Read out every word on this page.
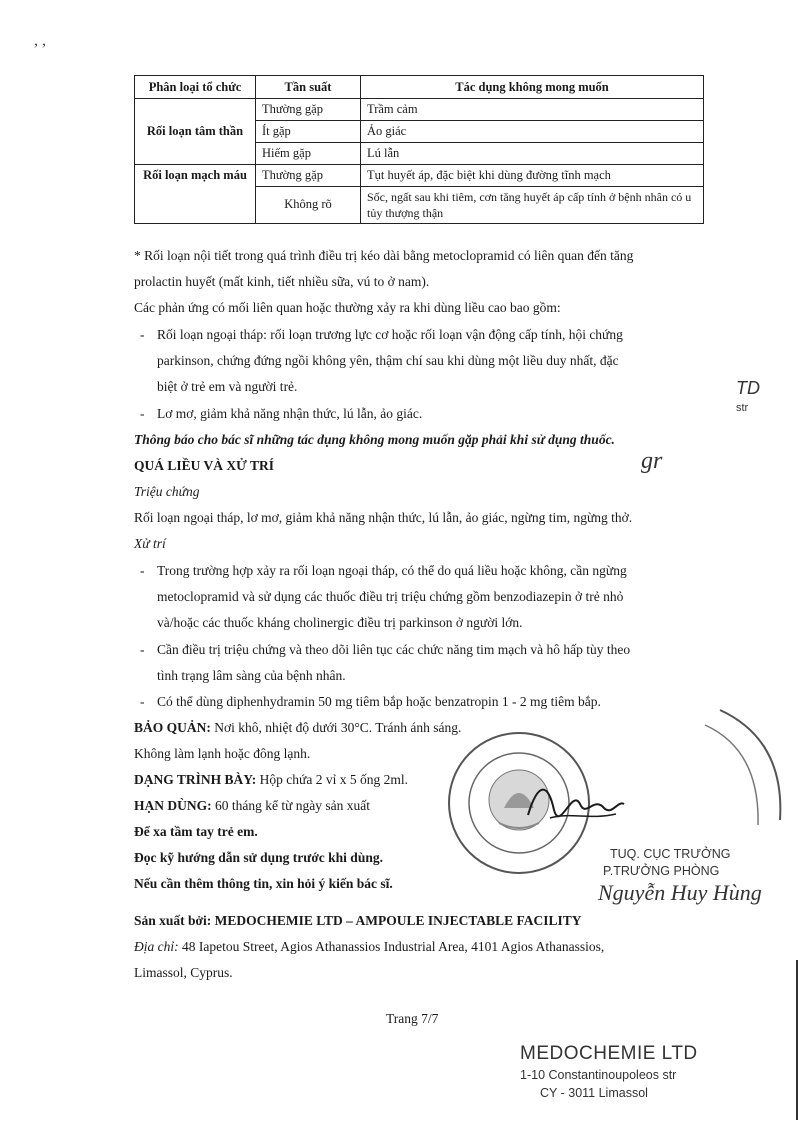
, ,
Phân loại tổ chức	Tần suất	Tác dụng không mong muốn
Rối loạn tâm thần	Thường gặp	Trầm cảm
	Ít gặp	Ảo giác
	Hiếm gặp	Lú lẫn
Rối loạn mạch máu	Thường gặp	Tụt huyết áp, đặc biệt khi dùng đường tĩnh mạch
	Không rõ	Sốc, ngất sau khi tiêm, cơn tăng huyết áp cấp tính ở bệnh nhân có u tủy thượng thận
* Rối loạn nội tiết trong quá trình điều trị kéo dài bằng metoclopramid có liên quan đến tăng
prolactin huyết (mất kinh, tiết nhiều sữa, vú to ở nam).
Các phản ứng có mối liên quan hoặc thường xảy ra khi dùng liều cao bao gồm:
- Rối loạn ngoại tháp: rối loạn trương lực cơ hoặc rối loạn vận động cấp tính, hội chứng
parkinson, chứng đứng ngồi không yên, thậm chí sau khi dùng một liều duy nhất, đặc
biệt ở trẻ em và người trẻ.
- Lơ mơ, giảm khả năng nhận thức, lú lẫn, ảo giác.
Thông báo cho bác sĩ những tác dụng không mong muốn gặp phải khi sử dụng thuốc.
QUÁ LIỀU VÀ XỬ TRÍ
Triệu chứng
Rối loạn ngoại tháp, lơ mơ, giảm khả năng nhận thức, lú lẫn, ảo giác, ngừng tim, ngừng thở.
Xử trí
- Trong trường hợp xảy ra rối loạn ngoại tháp, có thể do quá liều hoặc không, cần ngừng
metoclopramid và sử dụng các thuốc điều trị triệu chứng gồm benzodiazepin ở trẻ nhỏ
và/hoặc các thuốc kháng cholinergic điều trị parkinson ở người lớn.
- Cần điều trị triệu chứng và theo dõi liên tục các chức năng tim mạch và hô hấp tùy theo
tình trạng lâm sàng của bệnh nhân.
- Có thể dùng diphenhydramin 50 mg tiêm bắp hoặc benzatropin 1 - 2 mg tiêm bắp.
BẢO QUẢN: Nơi khô, nhiệt độ dưới 30°C. Tránh ánh sáng.
Không làm lạnh hoặc đông lạnh.
DẠNG TRÌNH BÀY: Hộp chứa 2 vỉ x 5 ống 2ml.
HẠN DÙNG: 60 tháng kể từ ngày sản xuất
Để xa tầm tay trẻ em.
Đọc kỹ hướng dẫn sử dụng trước khi dùng.
Nếu cần thêm thông tin, xin hỏi ý kiến bác sĩ.
Sản xuất bởi: MEDOCHEMIE LTD – AMPOULE INJECTABLE FACILITY
Địa chỉ: 48 Iapetou Street, Agios Athanassios Industrial Area, 4101 Agios Athanassios,
Limassol, Cyprus.
Trang 7/7
TD
str
gr
TUQ. CỤC TRƯỞNG
P.TRƯỞNG PHÒNG
Nguyễn Huy Hùng
MEDOCHEMIE LTD
1-10 Constantinoupoleos str
CY - 3011 Limassol
